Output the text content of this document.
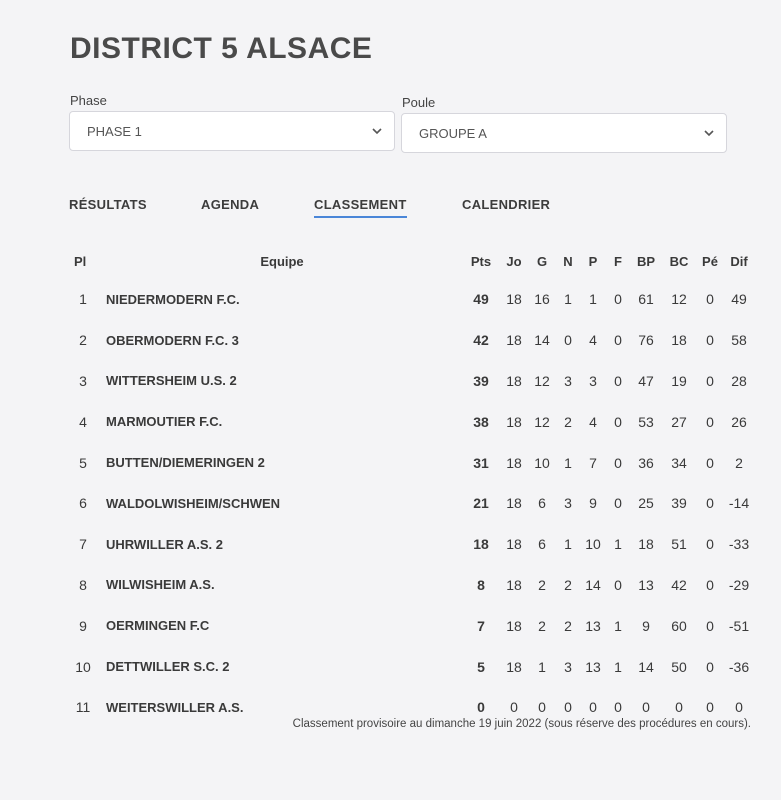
DISTRICT 5 ALSACE
Phase
PHASE 1
Poule
GROUPE A
RÉSULTATS	AGENDA	CLASSEMENT	CALENDRIER
Pl	Equipe	Pts	Jo	G	N	P	F	BP	BC	Pé	Dif
1	NIEDERMODERN F.C.	49	18	16	1	1	0	61	12	0	49
2	OBERMODERN F.C. 3	42	18	14	0	4	0	76	18	0	58
3	WITTERSHEIM U.S. 2	39	18	12	3	3	0	47	19	0	28
4	MARMOUTIER F.C.	38	18	12	2	4	0	53	27	0	26
5	BUTTEN/DIEMERINGEN 2	31	18	10	1	7	0	36	34	0	2
6	WALDOLWISHEIM/SCHWEN	21	18	6	3	9	0	25	39	0	-14
7	UHRWILLER A.S. 2	18	18	6	1	10	1	18	51	0	-33
8	WILWISHEIM A.S.	8	18	2	2	14	0	13	42	0	-29
9	OERMINGEN F.C	7	18	2	2	13	1	9	60	0	-51
10	DETTWILLER S.C. 2	5	18	1	3	13	1	14	50	0	-36
11	WEITERSWILLER A.S.	0	0	0	0	0	0	0	0	0	0
Classement provisoire au dimanche 19 juin 2022 (sous réserve des procédures en cours).
